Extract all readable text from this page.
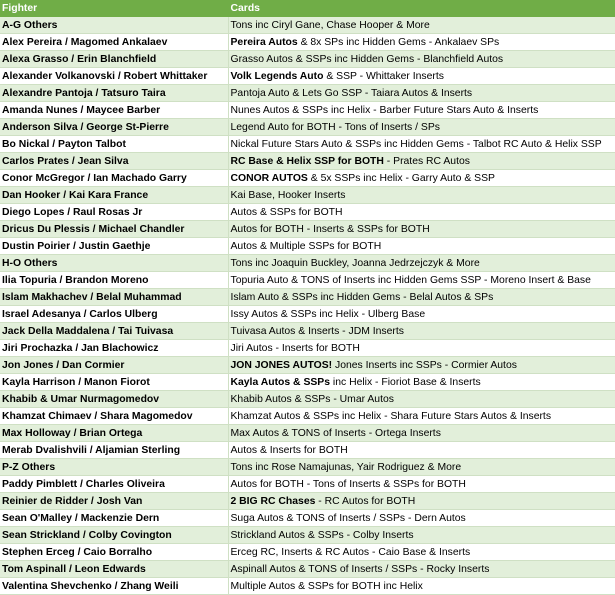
Fighter	Cards
A-G Others	Tons inc Ciryl Gane, Chase Hooper & More
Alex Pereira / Magomed Ankalaev	Pereira Autos & 8x SPs inc Hidden Gems - Ankalaev SPs
Alexa Grasso / Erin Blanchfield	Grasso Autos & SSPs inc Hidden Gems - Blanchfield Autos
Alexander Volkanovski / Robert Whittaker	Volk Legends Auto & SSP - Whittaker Inserts
Alexandre Pantoja / Tatsuro Taira	Pantoja Auto & Lets Go SSP - Taiara Autos & Inserts
Amanda Nunes / Maycee Barber	Nunes Autos & SSPs inc Helix - Barber Future Stars Auto & Inserts
Anderson Silva / George St-Pierre	Legend Auto for BOTH - Tons of Inserts / SPs
Bo Nickal / Payton Talbot	Nickal Future Stars Auto & SSPs inc Hidden Gems - Talbot RC Auto & Helix SSP
Carlos Prates / Jean Silva	RC Base & Helix SSP for BOTH - Prates RC Autos
Conor McGregor / Ian Machado Garry	CONOR AUTOS & 5x SSPs inc Helix - Garry Auto & SSP
Dan Hooker / Kai Kara France	Kai Base, Hooker Inserts
Diego Lopes / Raul Rosas Jr	Autos & SSPs for BOTH
Dricus Du Plessis / Michael Chandler	Autos for BOTH - Inserts & SSPs for BOTH
Dustin Poirier / Justin Gaethje	Autos & Multiple SSPs for BOTH
H-O Others	Tons inc Joaquin Buckley, Joanna Jedrzejczyk & More
Ilia Topuria / Brandon Moreno	Topuria Auto & TONS of Inserts inc Hidden Gems SSP - Moreno Insert & Base
Islam Makhachev / Belal Muhammad	Islam Auto & SSPs inc Hidden Gems - Belal Autos & SPs
Israel Adesanya / Carlos Ulberg	Issy Autos & SSPs inc Helix - Ulberg Base
Jack Della Maddalena / Tai Tuivasa	Tuivasa Autos & Inserts - JDM Inserts
Jiri Prochazka / Jan Blachowicz	Jiri Autos - Inserts for BOTH
Jon Jones / Dan Cormier	JON JONES AUTOS! Jones Inserts inc SSPs - Cormier Autos
Kayla Harrison / Manon Fiorot	Kayla Autos & SSPs inc Helix - Fioriot Base & Inserts
Khabib & Umar Nurmagomedov	Khabib Autos & SSPs - Umar Autos
Khamzat Chimaev / Shara Magomedov	Khamzat Autos & SSPs inc Helix - Shara Future Stars Autos & Inserts
Max Holloway / Brian Ortega	Max Autos & TONS of Inserts - Ortega Inserts
Merab Dvalishvili / Aljamian Sterling	Autos & Inserts for BOTH
P-Z Others	Tons inc Rose Namajunas, Yair Rodriguez & More
Paddy Pimblett / Charles Oliveira	Autos for BOTH - Tons of Inserts & SSPs for BOTH
Reinier de Ridder / Josh Van	2 BIG RC Chases - RC Autos for BOTH
Sean O'Malley / Mackenzie Dern	Suga Autos & TONS of Inserts / SSPs - Dern Autos
Sean Strickland / Colby Covington	Strickland Autos & SSPs - Colby Inserts
Stephen Erceg / Caio Borralho	Erceg RC, Inserts & RC Autos - Caio Base & Inserts
Tom Aspinall / Leon Edwards	Aspinall Autos & TONS of Inserts / SSPs - Rocky Inserts
Valentina Shevchenko / Zhang Weili	Multiple Autos & SSPs for BOTH inc Helix
